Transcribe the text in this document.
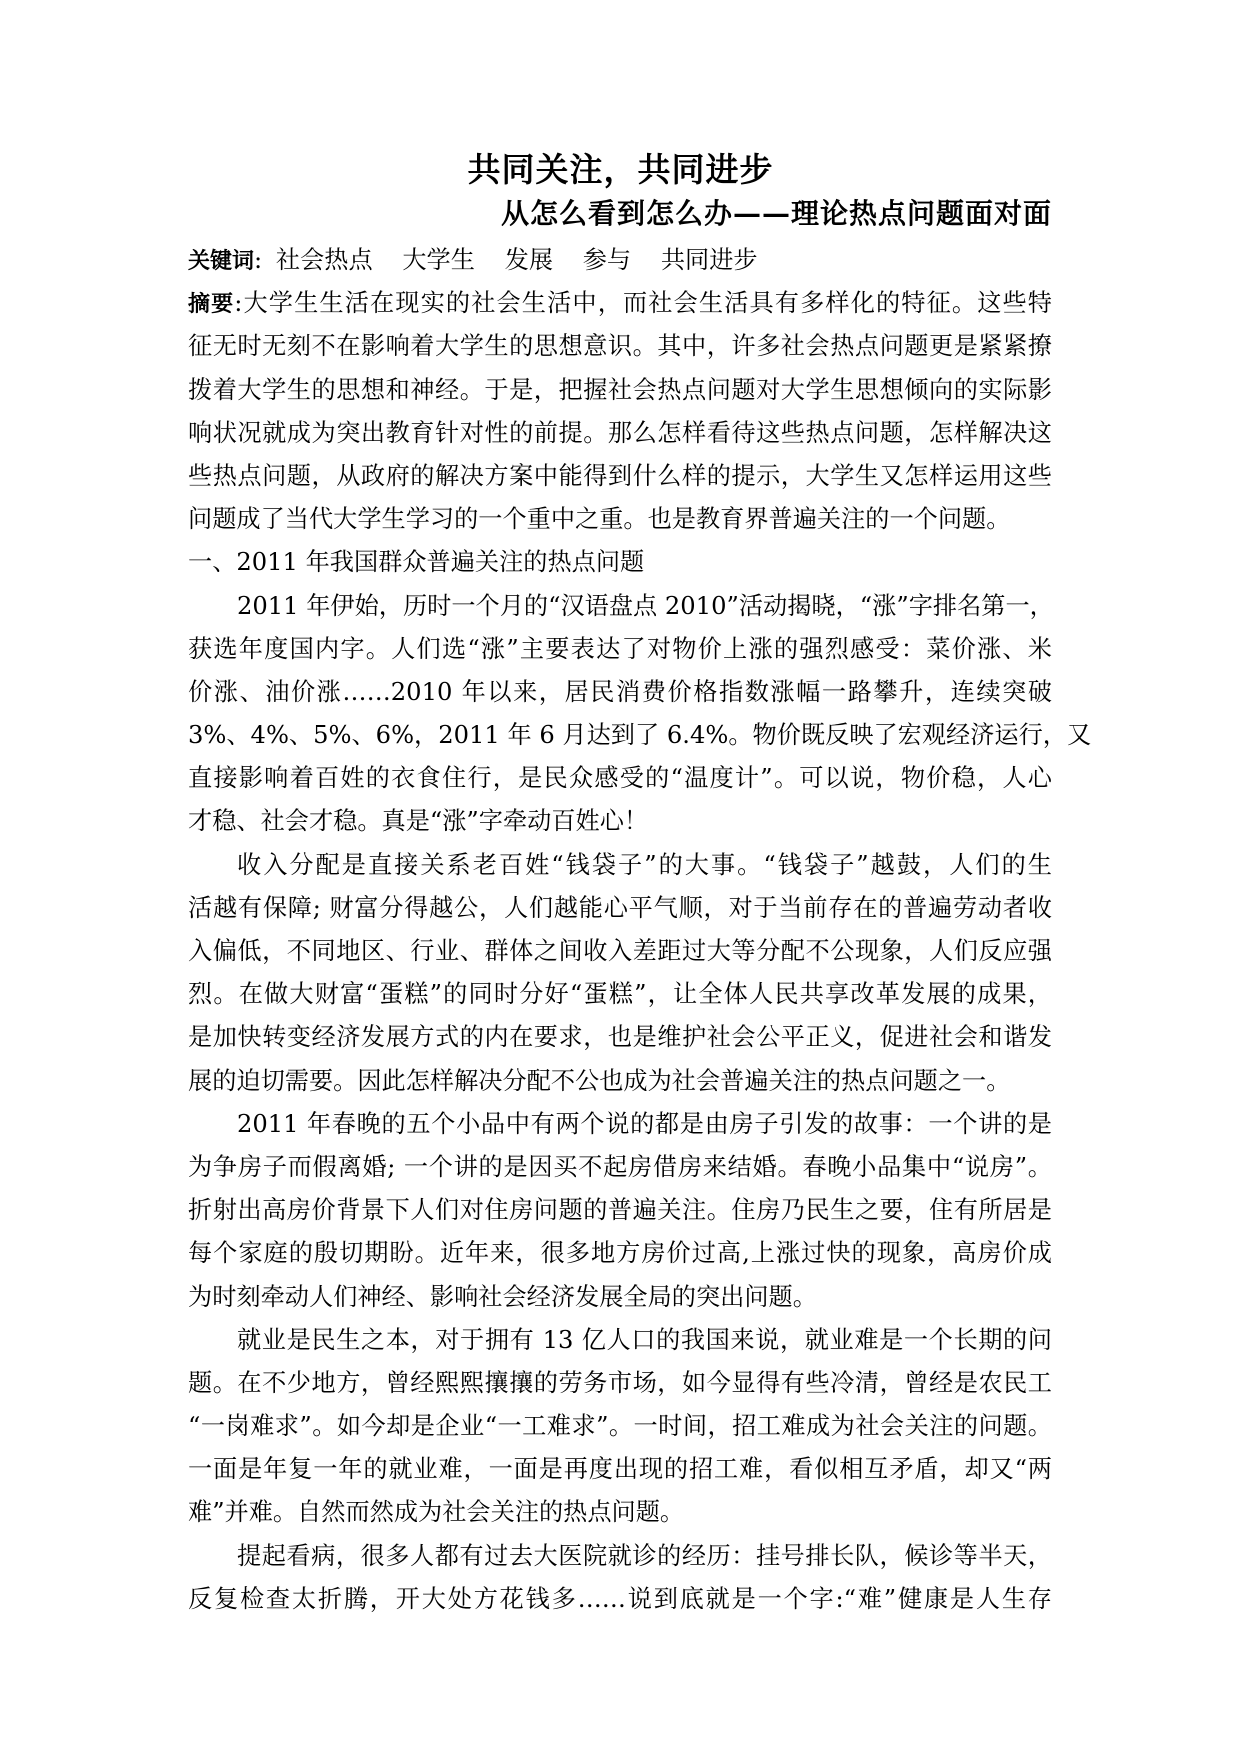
共同关注，共同进步
从怎么看到怎么办——理论热点问题面对面
关键词: 社会热点 大学生 发展 参与 共同进步
摘要:大学生生活在现实的社会生活中，而社会生活具有多样化的特征。这些特
征无时无刻不在影响着大学生的思想意识。其中，许多社会热点问题更是紧紧撩
拨着大学生的思想和神经。于是，把握社会热点问题对大学生思想倾向的实际影
响状况就成为突出教育针对性的前提。那么怎样看待这些热点问题，怎样解决这
些热点问题，从政府的解决方案中能得到什么样的提示，大学生又怎样运用这些
问题成了当代大学生学习的一个重中之重。也是教育界普遍关注的一个问题。
一、2011 年我国群众普遍关注的热点问题
2011 年伊始，历时一个月的“汉语盘点 2010”活动揭晓，“涨”字排名第一，
获选年度国内字。人们选“涨”主要表达了对物价上涨的强烈感受：菜价涨、米
价涨、油价涨……2010 年以来，居民消费价格指数涨幅一路攀升，连续突破
3%、4%、5%、6%，2011 年 6 月达到了 6.4%。物价既反映了宏观经济运行，又
直接影响着百姓的衣食住行，是民众感受的“温度计”。可以说，物价稳，人心
才稳、社会才稳。真是“涨”字牵动百姓心！
收入分配是直接关系老百姓“钱袋子”的大事。“钱袋子”越鼓，人们的生
活越有保障; 财富分得越公，人们越能心平气顺，对于当前存在的普遍劳动者收
入偏低，不同地区、行业、群体之间收入差距过大等分配不公现象，人们反应强
烈。在做大财富“蛋糕”的同时分好“蛋糕”，让全体人民共享改革发展的成果，
是加快转变经济发展方式的内在要求，也是维护社会公平正义，促进社会和谐发
展的迫切需要。因此怎样解决分配不公也成为社会普遍关注的热点问题之一。
2011 年春晚的五个小品中有两个说的都是由房子引发的故事：一个讲的是
为争房子而假离婚; 一个讲的是因买不起房借房来结婚。春晚小品集中“说房”。
折射出高房价背景下人们对住房问题的普遍关注。住房乃民生之要，住有所居是
每个家庭的殷切期盼。近年来，很多地方房价过高,上涨过快的现象，高房价成
为时刻牵动人们神经、影响社会经济发展全局的突出问题。
就业是民生之本，对于拥有 13 亿人口的我国来说，就业难是一个长期的问
题。在不少地方，曾经熙熙攘攘的劳务市场，如今显得有些冷清，曾经是农民工
“一岗难求”。如今却是企业“一工难求”。一时间，招工难成为社会关注的问题。
一面是年复一年的就业难，一面是再度出现的招工难，看似相互矛盾，却又“两
难”并难。自然而然成为社会关注的热点问题。
提起看病，很多人都有过去大医院就诊的经历：挂号排长队，候诊等半天，
反复检查太折腾，开大处方花钱多……说到底就是一个字:“难”健康是人生存
